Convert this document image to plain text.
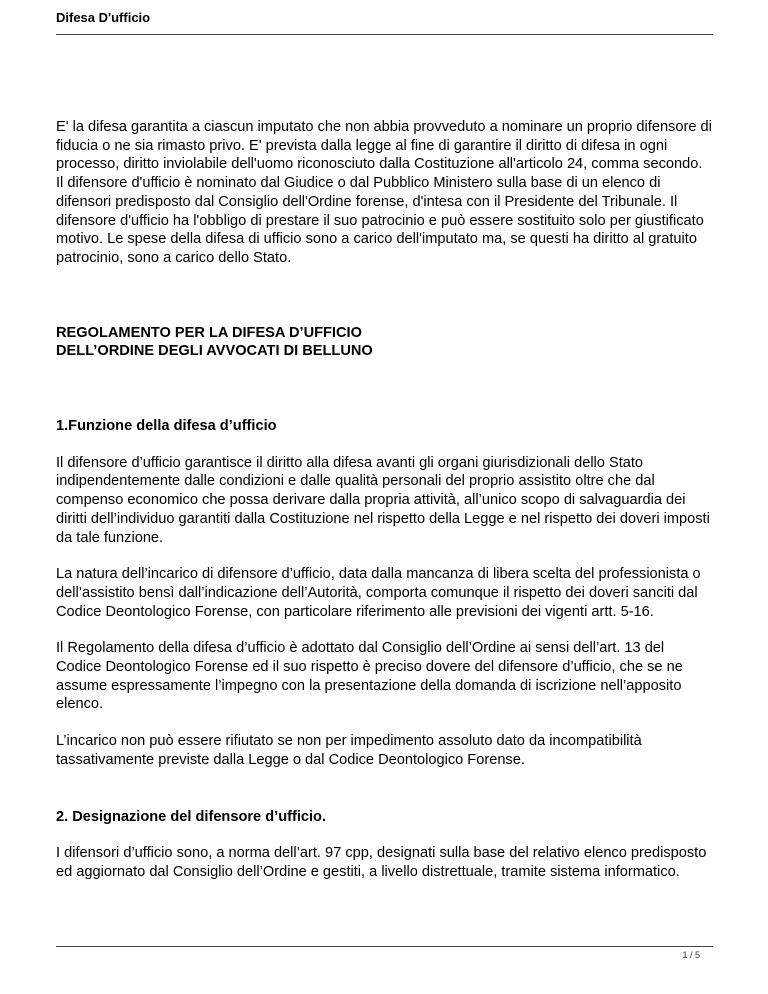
Difesa D'ufficio

E' la difesa garantita a ciascun imputato che non abbia provveduto a nominare un proprio difensore di fiducia o ne sia rimasto privo. E' prevista dalla legge al fine di garantire il diritto di difesa in ogni processo, diritto inviolabile dell'uomo riconosciuto dalla Costituzione all'articolo 24, comma secondo. Il difensore d'ufficio è nominato dal Giudice o dal Pubblico Ministero sulla base di un elenco di difensori predisposto dal Consiglio dell'Ordine forense, d'intesa con il Presidente del Tribunale. Il difensore d'ufficio ha l'obbligo di prestare il suo patrocinio e può essere sostituito solo per giustificato motivo. Le spese della difesa di ufficio sono a carico dell'imputato ma, se questi ha diritto al gratuito patrocinio, sono a carico dello Stato.

REGOLAMENTO PER LA DIFESA D’UFFICIO

DELL’ORDINE DEGLI AVVOCATI DI BELLUNO

1.Funzione della difesa d’ufficio

Il difensore d’ufficio garantisce il diritto alla difesa avanti gli organi giurisdizionali dello Stato indipendentemente dalle condizioni e dalle qualità personali del proprio assistito oltre che dal compenso economico che possa derivare dalla propria attività, all’unico scopo di salvaguardia dei diritti dell’individuo garantiti dalla Costituzione nel rispetto della Legge e nel rispetto dei doveri imposti da tale funzione.

La natura dell’incarico di difensore d’ufficio, data dalla mancanza di libera scelta del professionista o dell’assistito bensì dall’indicazione dell’Autorità, comporta comunque il rispetto dei doveri sanciti dal Codice Deontologico Forense, con particolare riferimento alle previsioni dei vigenti artt. 5-16.

Il Regolamento della difesa d’ufficio è adottato dal Consiglio dell’Ordine ai sensi dell’art. 13 del Codice Deontologico Forense ed il suo rispetto è preciso dovere del difensore d’ufficio, che se ne assume espressamente l’impegno con la presentazione della domanda di iscrizione nell’apposito elenco.

L’incarico non può essere rifiutato se non per impedimento assoluto dato da incompatibilità tassativamente previste dalla Legge o dal Codice Deontologico Forense.

2. Designazione del difensore d’ufficio.

I difensori d’ufficio sono, a norma dell’art. 97 cpp, designati sulla base del relativo elenco predisposto ed aggiornato dal Consiglio dell’Ordine e gestiti, a livello distrettuale, tramite sistema informatico.

1 / 5
